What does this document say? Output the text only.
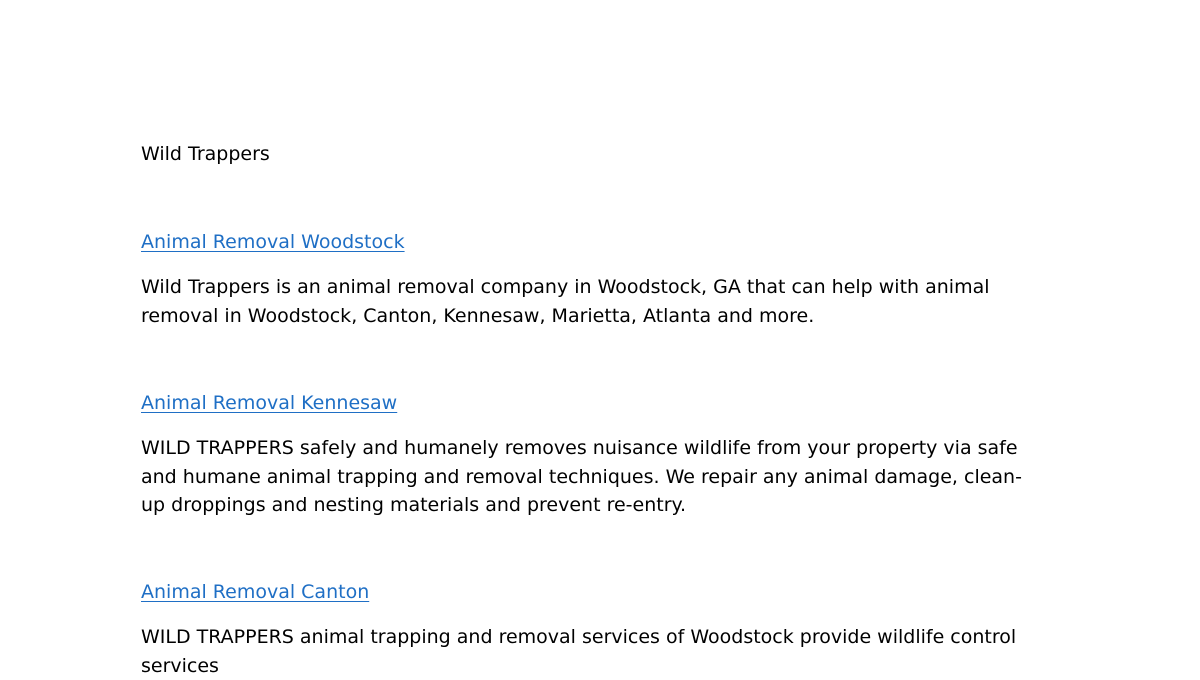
Wild Trappers

Animal Removal Woodstock

Wild Trappers is an animal removal company in Woodstock, GA that can help with animal removal in Woodstock, Canton, Kennesaw, Marietta, Atlanta and more.

Animal Removal Kennesaw

WILD TRAPPERS safely and humanely removes nuisance wildlife from your property via safe and humane animal trapping and removal techniques. We repair any animal damage, clean-up droppings and nesting materials and prevent re-entry.

Animal Removal Canton

WILD TRAPPERS animal trapping and removal services of Woodstock provide wildlife control services
